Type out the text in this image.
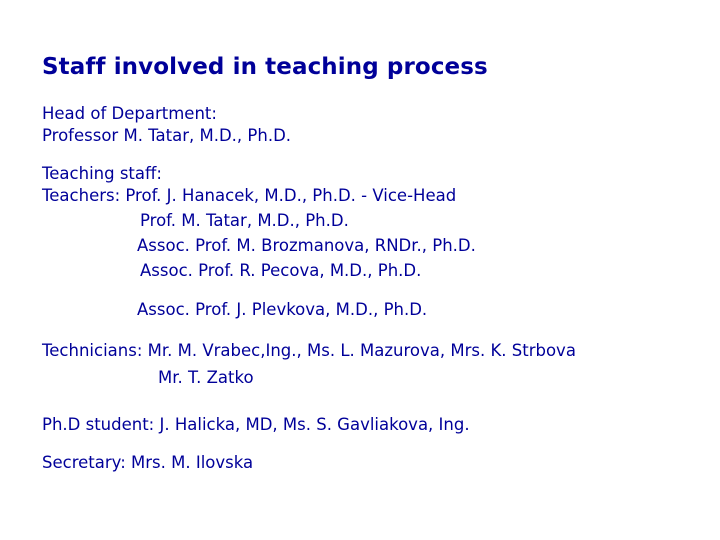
Staff involved in teaching process
Head of Department:
Professor M. Tatar, M.D., Ph.D.
Teaching staff:
Teachers: Prof. J. Hanacek, M.D., Ph.D. - Vice-Head
Prof. M. Tatar, M.D., Ph.D.
Assoc. Prof. M. Brozmanova, RNDr., Ph.D.
Assoc. Prof. R. Pecova, M.D., Ph.D.
Assoc. Prof. J. Plevkova, M.D., Ph.D.
Technicians: Mr. M. Vrabec,Ing., Ms. L. Mazurova, Mrs. K. Strbova
Mr. T. Zatko
Ph.D student: J. Halicka, MD, Ms. S. Gavliakova, Ing.
Secretary: Mrs. M. Ilovska
